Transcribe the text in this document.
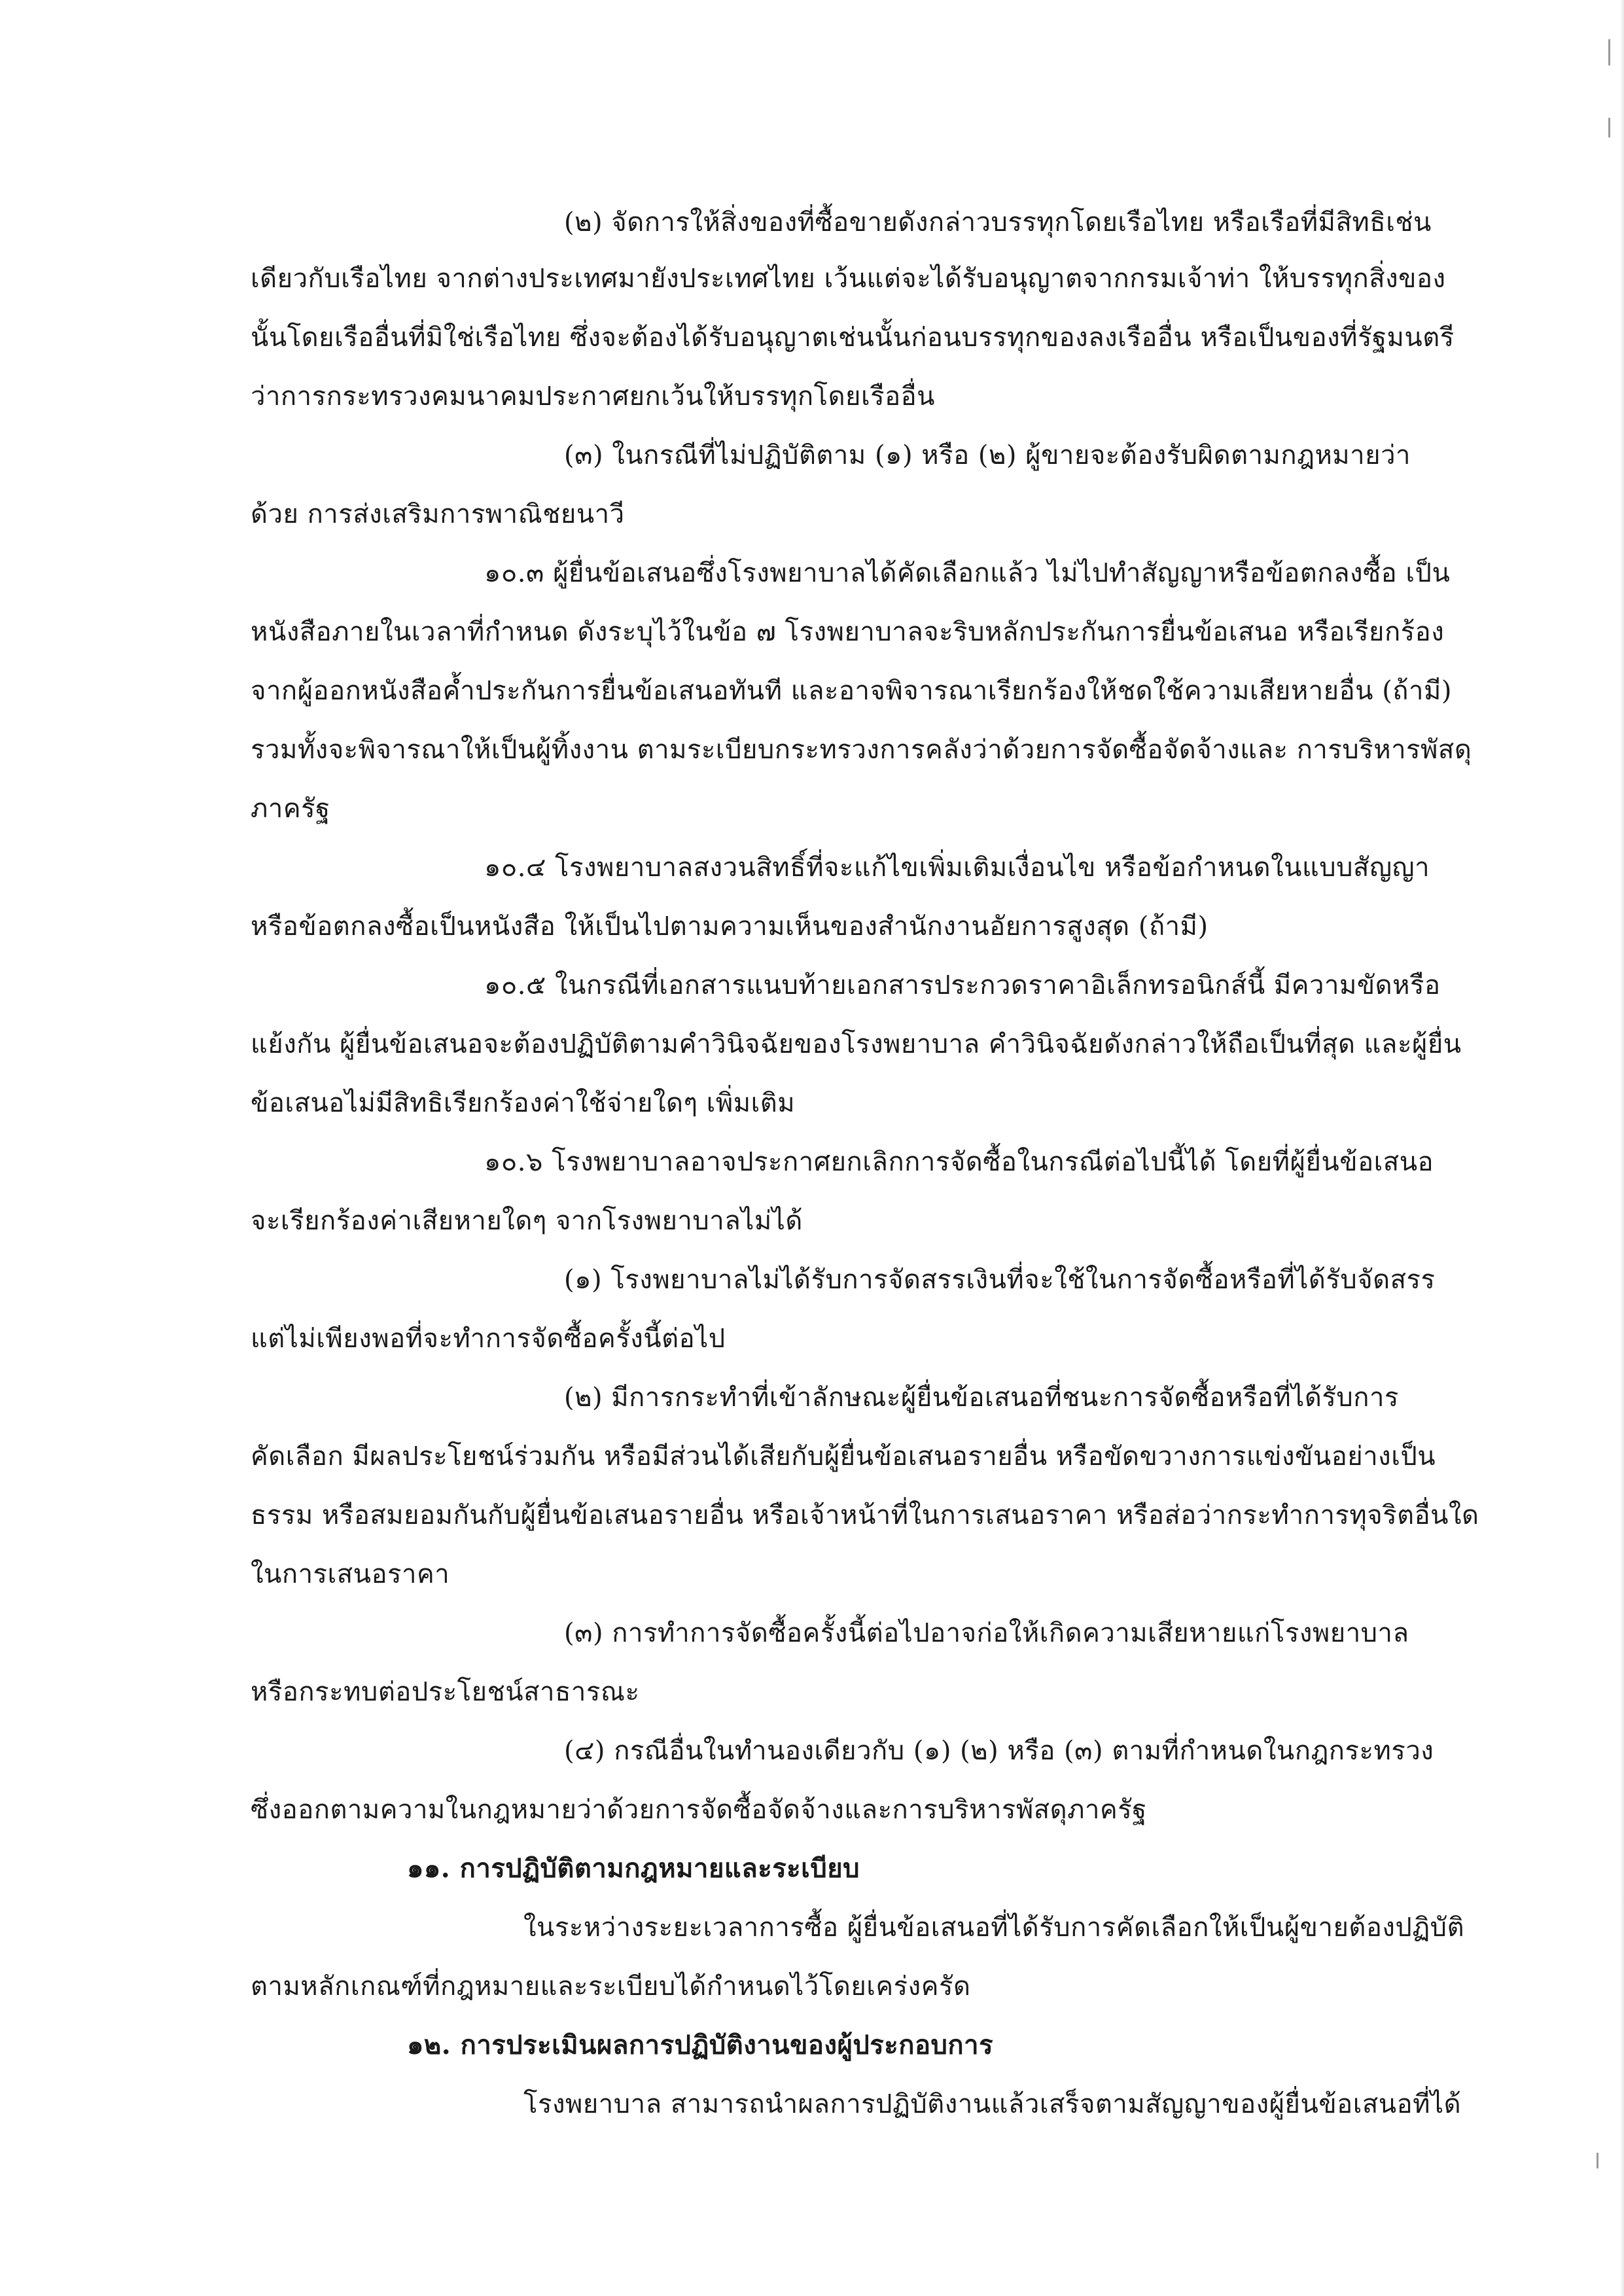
(๒) จัดการให้สิ่งของที่ซื้อขายดังกล่าวบรรทุกโดยเรือไทย หรือเรือที่มีสิทธิเช่น
เดียวกับเรือไทย จากต่างประเทศมายังประเทศไทย เว้นแต่จะได้รับอนุญาตจากกรมเจ้าท่า ให้บรรทุกสิ่งของ
นั้นโดยเรืออื่นที่มิใช่เรือไทย ซึ่งจะต้องได้รับอนุญาตเช่นนั้นก่อนบรรทุกของลงเรืออื่น หรือเป็นของที่รัฐมนตรี
ว่าการกระทรวงคมนาคมประกาศยกเว้นให้บรรทุกโดยเรืออื่น
(๓) ในกรณีที่ไม่ปฏิบัติตาม (๑) หรือ (๒) ผู้ขายจะต้องรับผิดตามกฎหมายว่า
ด้วย การส่งเสริมการพาณิชยนาวี
๑๐.๓ ผู้ยื่นข้อเสนอซึ่งโรงพยาบาลได้คัดเลือกแล้ว ไม่ไปทำสัญญาหรือข้อตกลงซื้อ เป็น
หนังสือภายในเวลาที่กำหนด ดังระบุไว้ในข้อ ๗ โรงพยาบาลจะริบหลักประกันการยื่นข้อเสนอ หรือเรียกร้อง
จากผู้ออกหนังสือค้ำประกันการยื่นข้อเสนอทันที และอาจพิจารณาเรียกร้องให้ชดใช้ความเสียหายอื่น (ถ้ามี)
รวมทั้งจะพิจารณาให้เป็นผู้ทิ้งงาน ตามระเบียบกระทรวงการคลังว่าด้วยการจัดซื้อจัดจ้างและ การบริหารพัสดุ
ภาครัฐ
๑๐.๔ โรงพยาบาลสงวนสิทธิ์ที่จะแก้ไขเพิ่มเติมเงื่อนไข หรือข้อกำหนดในแบบสัญญา
หรือข้อตกลงซื้อเป็นหนังสือ ให้เป็นไปตามความเห็นของสำนักงานอัยการสูงสุด (ถ้ามี)
๑๐.๕ ในกรณีที่เอกสารแนบท้ายเอกสารประกวดราคาอิเล็กทรอนิกส์นี้ มีความขัดหรือ
แย้งกัน ผู้ยื่นข้อเสนอจะต้องปฏิบัติตามคำวินิจฉัยของโรงพยาบาล คำวินิจฉัยดังกล่าวให้ถือเป็นที่สุด และผู้ยื่น
ข้อเสนอไม่มีสิทธิเรียกร้องค่าใช้จ่ายใดๆ เพิ่มเติม
๑๐.๖ โรงพยาบาลอาจประกาศยกเลิกการจัดซื้อในกรณีต่อไปนี้ได้ โดยที่ผู้ยื่นข้อเสนอ
จะเรียกร้องค่าเสียหายใดๆ จากโรงพยาบาลไม่ได้
(๑) โรงพยาบาลไม่ได้รับการจัดสรรเงินที่จะใช้ในการจัดซื้อหรือที่ได้รับจัดสรร
แต่ไม่เพียงพอที่จะทำการจัดซื้อครั้งนี้ต่อไป
(๒) มีการกระทำที่เข้าลักษณะผู้ยื่นข้อเสนอที่ชนะการจัดซื้อหรือที่ได้รับการ
คัดเลือก มีผลประโยชน์ร่วมกัน หรือมีส่วนได้เสียกับผู้ยื่นข้อเสนอรายอื่น หรือขัดขวางการแข่งขันอย่างเป็น
ธรรม หรือสมยอมกันกับผู้ยื่นข้อเสนอรายอื่น หรือเจ้าหน้าที่ในการเสนอราคา หรือส่อว่ากระทำการทุจริตอื่นใด
ในการเสนอราคา
(๓) การทำการจัดซื้อครั้งนี้ต่อไปอาจก่อให้เกิดความเสียหายแก่โรงพยาบาล
หรือกระทบต่อประโยชน์สาธารณะ
(๔) กรณีอื่นในทำนองเดียวกับ (๑) (๒) หรือ (๓) ตามที่กำหนดในกฎกระทรวง
ซึ่งออกตามความในกฎหมายว่าด้วยการจัดซื้อจัดจ้างและการบริหารพัสดุภาครัฐ
๑๑. การปฏิบัติตามกฎหมายและระเบียบ
ในระหว่างระยะเวลาการซื้อ ผู้ยื่นข้อเสนอที่ได้รับการคัดเลือกให้เป็นผู้ขายต้องปฏิบัติ
ตามหลักเกณฑ์ที่กฎหมายและระเบียบได้กำหนดไว้โดยเคร่งครัด
๑๒. การประเมินผลการปฏิบัติงานของผู้ประกอบการ
โรงพยาบาล สามารถนำผลการปฏิบัติงานแล้วเสร็จตามสัญญาของผู้ยื่นข้อเสนอที่ได้
